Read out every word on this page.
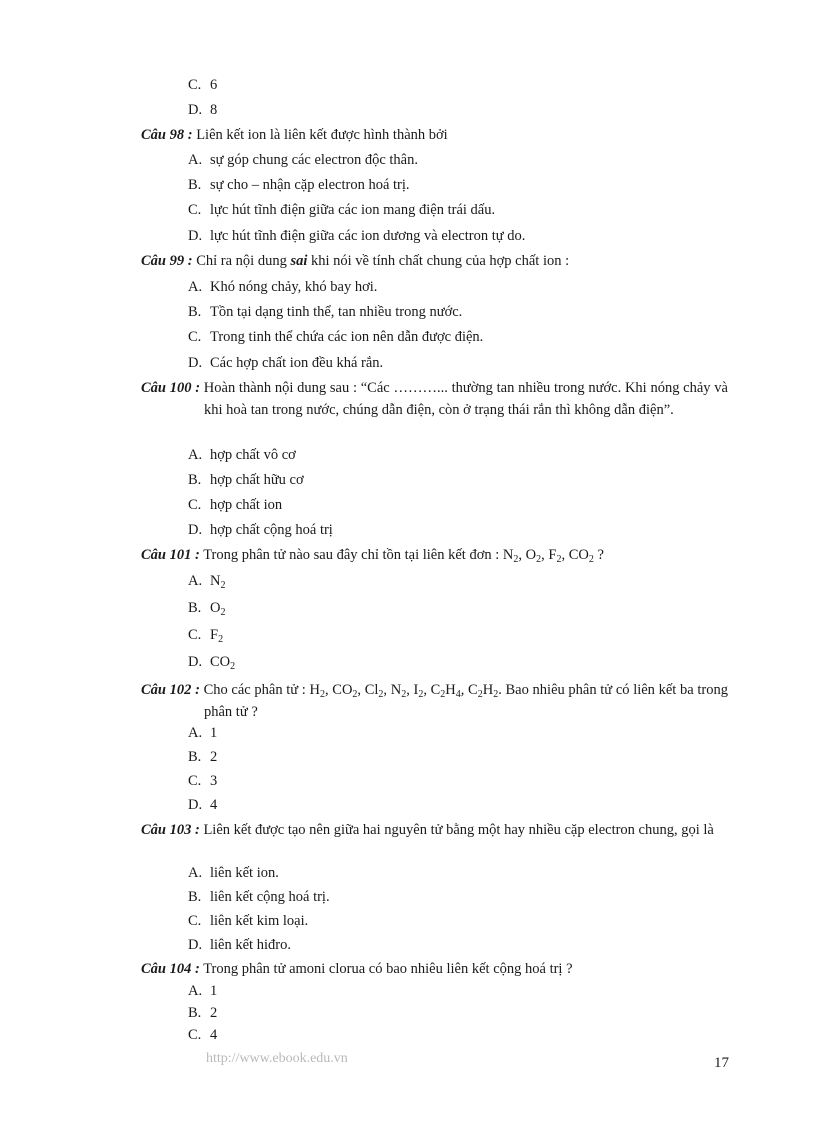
C. 6
D. 8
Câu 98 : Liên kết ion là liên kết được hình thành bởi
A. sự góp chung các electron độc thân.
B. sự cho – nhận cặp electron hoá trị.
C. lực hút tĩnh điện giữa các ion mang điện trái dấu.
D. lực hút tĩnh điện giữa các ion dương và electron tự do.
Câu 99 : Chỉ ra nội dung sai khi nói về tính chất chung của hợp chất ion :
A. Khó nóng chảy, khó bay hơi.
B. Tồn tại dạng tinh thể, tan nhiều trong nước.
C. Trong tinh thể chứa các ion nên dẫn được điện.
D. Các hợp chất ion đều khá rắn.
Câu 100 : Hoàn thành nội dung sau : “Các ………... thường tan nhiều trong nước. Khi nóng chảy và khi hoà tan trong nước, chúng dẫn điện, còn ở trạng thái rắn thì không dẫn điện”.
A. hợp chất vô cơ
B. hợp chất hữu cơ
C. hợp chất ion
D. hợp chất cộng hoá trị
Câu 101 : Trong phân tử nào sau đây chỉ tồn tại liên kết đơn : $N_2$, $O_2$, $F_2$, $CO_2$ ?
A. $N_2$
B. $O_2$
C. $F_2$
D. $CO_2$
Câu 102 : Cho các phân tử : $H_2$, $CO_2$, $Cl_2$, $N_2$, $I_2$, $C_2H_4$, $C_2H_2$. Bao nhiêu phân tử có liên kết ba trong phân tử ?
A. 1
B. 2
C. 3
D. 4
Câu 103 : Liên kết được tạo nên giữa hai nguyên tử bằng một hay nhiều cặp electron chung, gọi là
A. liên kết ion.
B. liên kết cộng hoá trị.
C. liên kết kim loại.
D. liên kết hiđro.
Câu 104 : Trong phân tử amoni clorua có bao nhiêu liên kết cộng hoá trị ?
A. 1
B. 2
C. 4
http://www.ebook.edu.vn	17
